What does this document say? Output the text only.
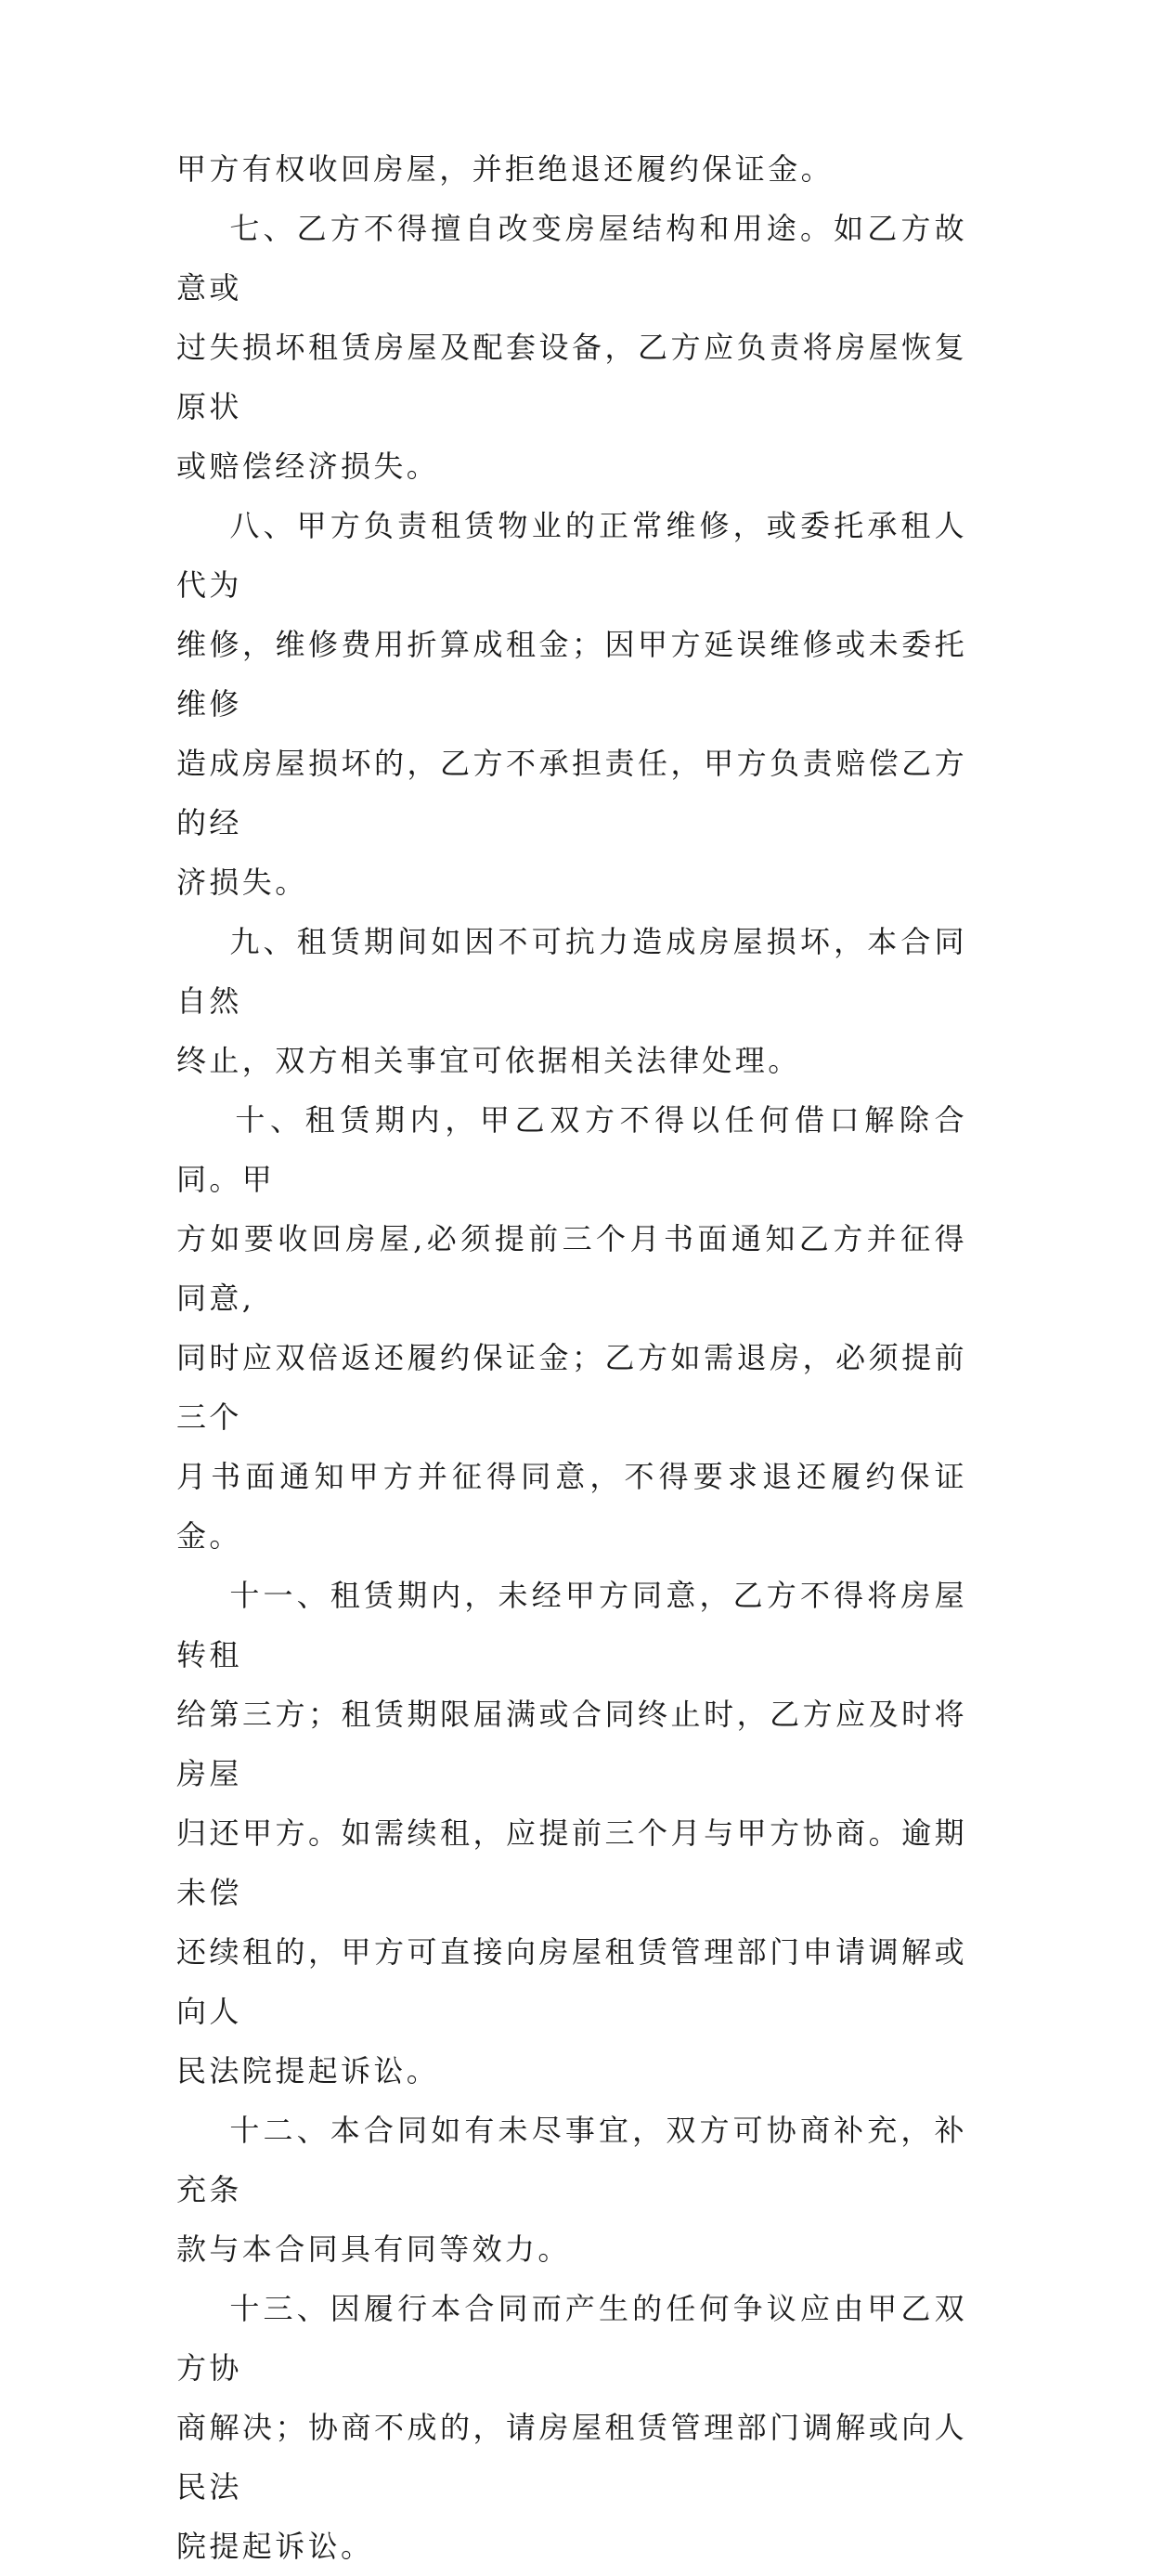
甲方有权收回房屋，并拒绝退还履约保证金。

七、乙方不得擅自改变房屋结构和用途。如乙方故意或
过失损坏租赁房屋及配套设备，乙方应负责将房屋恢复原状
或赔偿经济损失。

八、甲方负责租赁物业的正常维修，或委托承租人代为
维修，维修费用折算成租金；因甲方延误维修或未委托维修
造成房屋损坏的，乙方不承担责任，甲方负责赔偿乙方的经
济损失。

九、租赁期间如因不可抗力造成房屋损坏，本合同自然
终止，双方相关事宜可依据相关法律处理。

十、租赁期内，甲乙双方不得以任何借口解除合同。甲
方如要收回房屋,必须提前三个月书面通知乙方并征得同意,
同时应双倍返还履约保证金；乙方如需退房，必须提前三个
月书面通知甲方并征得同意，不得要求退还履约保证金。

十一、租赁期内，未经甲方同意，乙方不得将房屋转租
给第三方；租赁期限届满或合同终止时，乙方应及时将房屋
归还甲方。如需续租，应提前三个月与甲方协商。逾期未偿
还续租的，甲方可直接向房屋租赁管理部门申请调解或向人
民法院提起诉讼。

十二、本合同如有未尽事宜，双方可协商补充，补充条
款与本合同具有同等效力。

十三、因履行本合同而产生的任何争议应由甲乙双方协
商解决；协商不成的，请房屋租赁管理部门调解或向人民法
院提起诉讼。
